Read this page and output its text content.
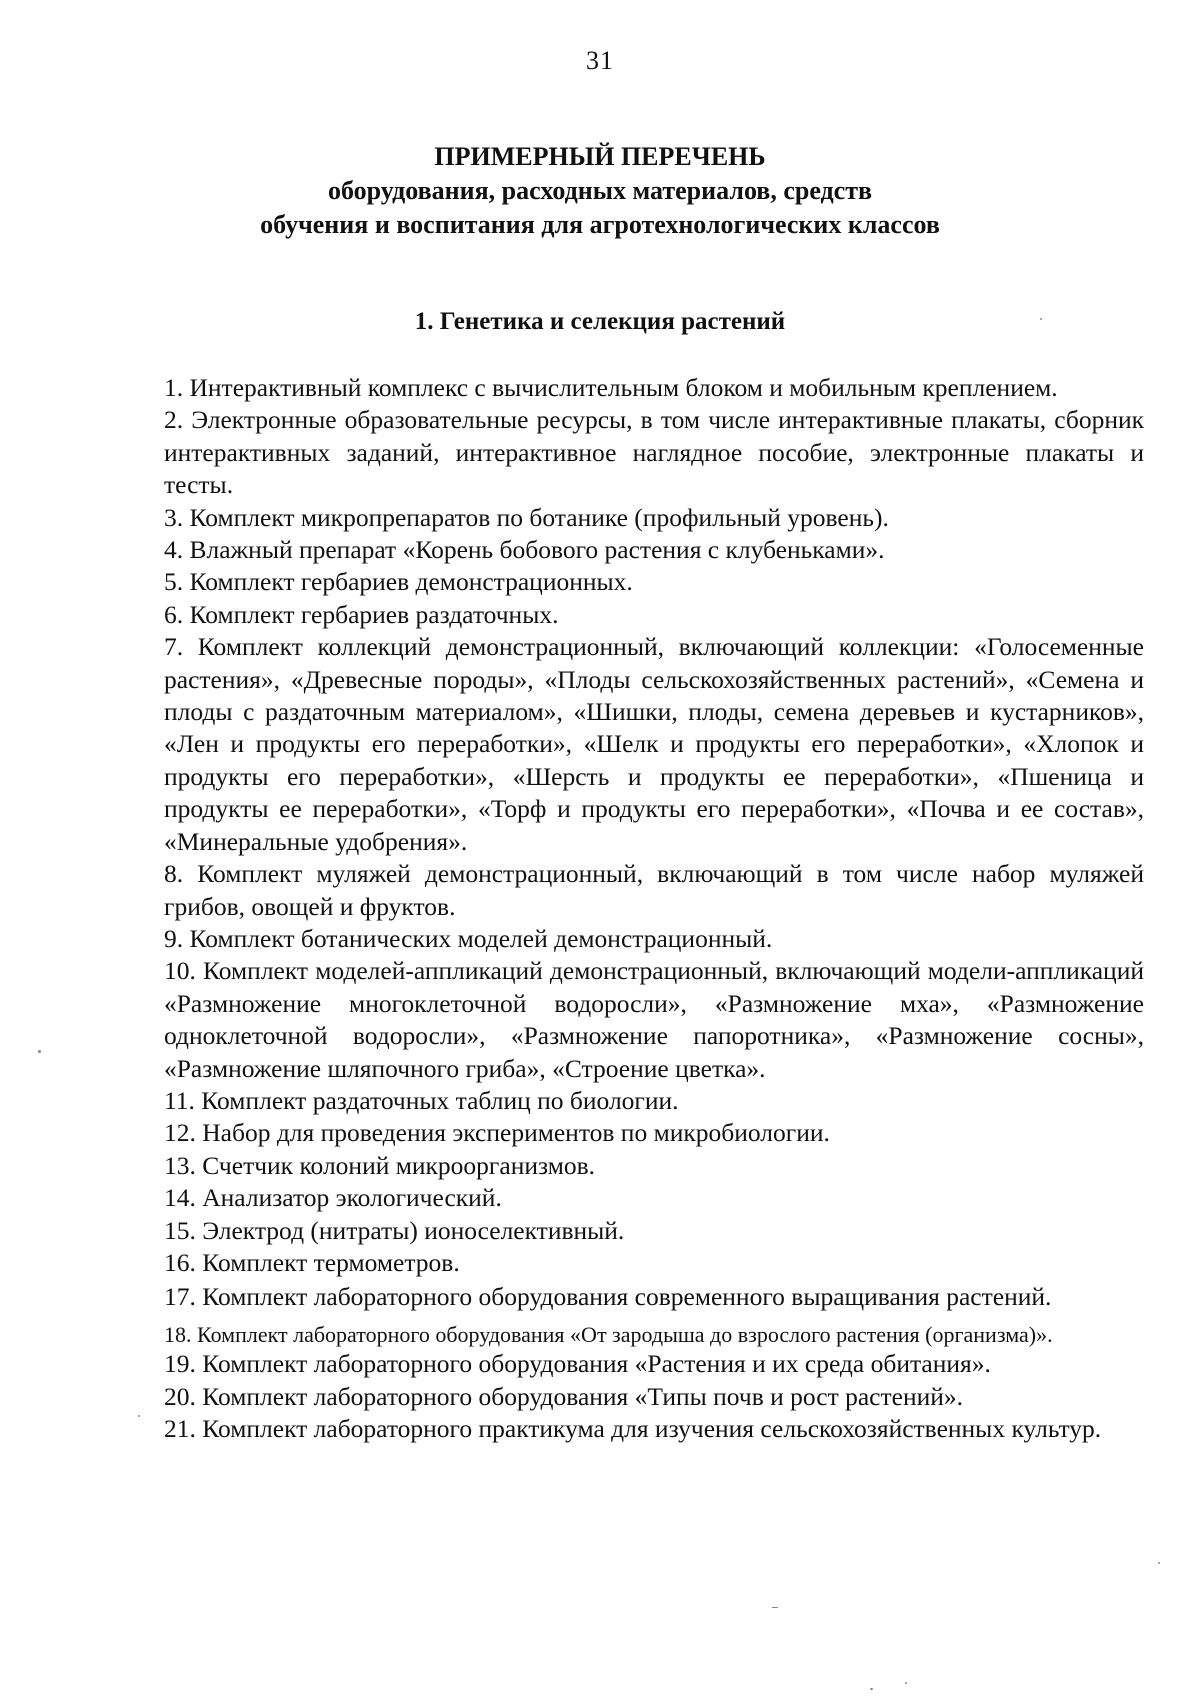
31
ПРИМЕРНЫЙ ПЕРЕЧЕНЬ
оборудования, расходных материалов, средств
обучения и воспитания для агротехнологических классов
1. Генетика и селекция растений

1. Интерактивный комплекс с вычислительным блоком и мобильным креплением.

2. Электронные образовательные ресурсы, в том числе интерактивные плакаты, сборник интерактивных заданий, интерактивное наглядное пособие, электронные плакаты и тесты.

3. Комплект микропрепаратов по ботанике (профильный уровень).

4. Влажный препарат «Корень бобового растения с клубеньками».

5. Комплект гербариев демонстрационных.

6. Комплект гербариев раздаточных.

7. Комплект коллекций демонстрационный, включающий коллекции: «Голосеменные растения», «Древесные породы», «Плоды сельскохозяйственных растений», «Семена и плоды с раздаточным материалом», «Шишки, плоды, семена деревьев и кустарников», «Лен и продукты его переработки», «Шелк и продукты его переработки», «Хлопок и продукты его переработки», «Шерсть и продукты ее переработки», «Пшеница и продукты ее переработки», «Торф и продукты его переработки», «Почва и ее состав», «Минеральные удобрения».

8. Комплект муляжей демонстрационный, включающий в том числе набор муляжей грибов, овощей и фруктов.

9. Комплект ботанических моделей демонстрационный.

10. Комплект моделей-аппликаций демонстрационный, включающий модели-аппликаций «Размножение многоклеточной водоросли», «Размножение мха», «Размножение одноклеточной водоросли», «Размножение папоротника», «Размножение сосны», «Размножение шляпочного гриба», «Строение цветка».

11. Комплект раздаточных таблиц по биологии.

12. Набор для проведения экспериментов по микробиологии.

13. Счетчик колоний микроорганизмов.

14. Анализатор экологический.

15. Электрод (нитраты) ионоселективный.

16. Комплект термометров.

17. Комплект лабораторного оборудования современного выращивания растений.

18. Комплект лабораторного оборудования «От зародыша до взрослого растения (организма)».

19. Комплект лабораторного оборудования «Растения и их среда обитания».

20. Комплект лабораторного оборудования «Типы почв и рост растений».

21. Комплект лабораторного практикума для изучения сельскохозяйственных культур.
